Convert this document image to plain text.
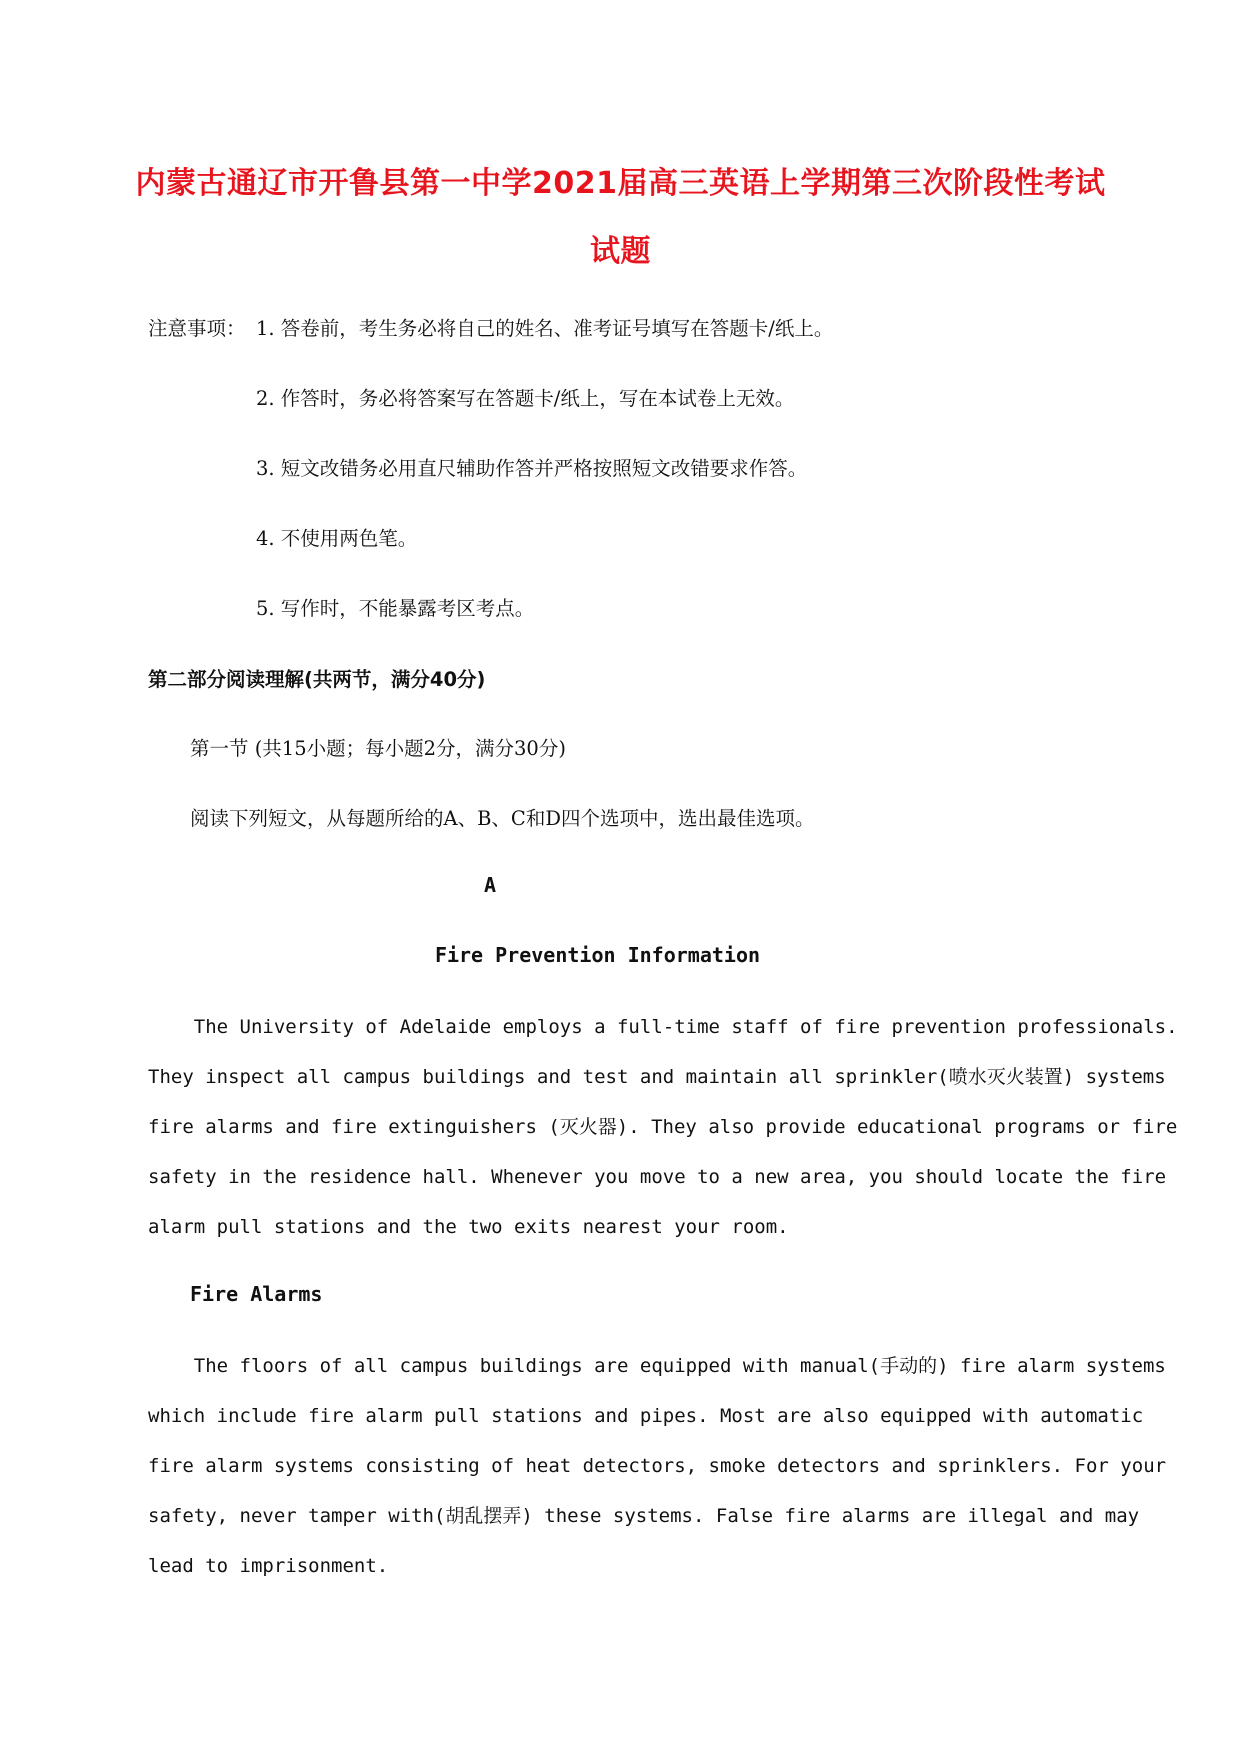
内蒙古通辽市开鲁县第一中学2021届高三英语上学期第三次阶段性考试
试题
注意事项： 1. 答卷前，考生务必将自己的姓名、准考证号填写在答题卡/纸上。
2. 作答时，务必将答案写在答题卡/纸上，写在本试卷上无效。
3. 短文改错务必用直尺辅助作答并严格按照短文改错要求作答。
4. 不使用两色笔。
5. 写作时，不能暴露考区考点。
第二部分阅读理解(共两节，满分40分)
第一节 (共15小题；每小题2分，满分30分)
阅读下列短文，从每题所给的A、B、C和D四个选项中，选出最佳选项。
A
Fire Prevention Information
The University of Adelaide employs a full-time staff of fire prevention professionals.
They inspect all campus buildings and test and maintain all sprinkler(喷水灭火装置) systems
fire alarms and fire extinguishers (灭火器). They also provide educational programs or fire
safety in the residence hall. Whenever you move to a new area, you should locate the fire
alarm pull stations and the two exits nearest your room.
Fire Alarms
The floors of all campus buildings are equipped with manual(手动的) fire alarm systems
which include fire alarm pull stations and pipes. Most are also equipped with automatic
fire alarm systems consisting of heat detectors, smoke detectors and sprinklers. For your
safety, never tamper with(胡乱摆弄) these systems. False fire alarms are illegal and may
lead to imprisonment.
